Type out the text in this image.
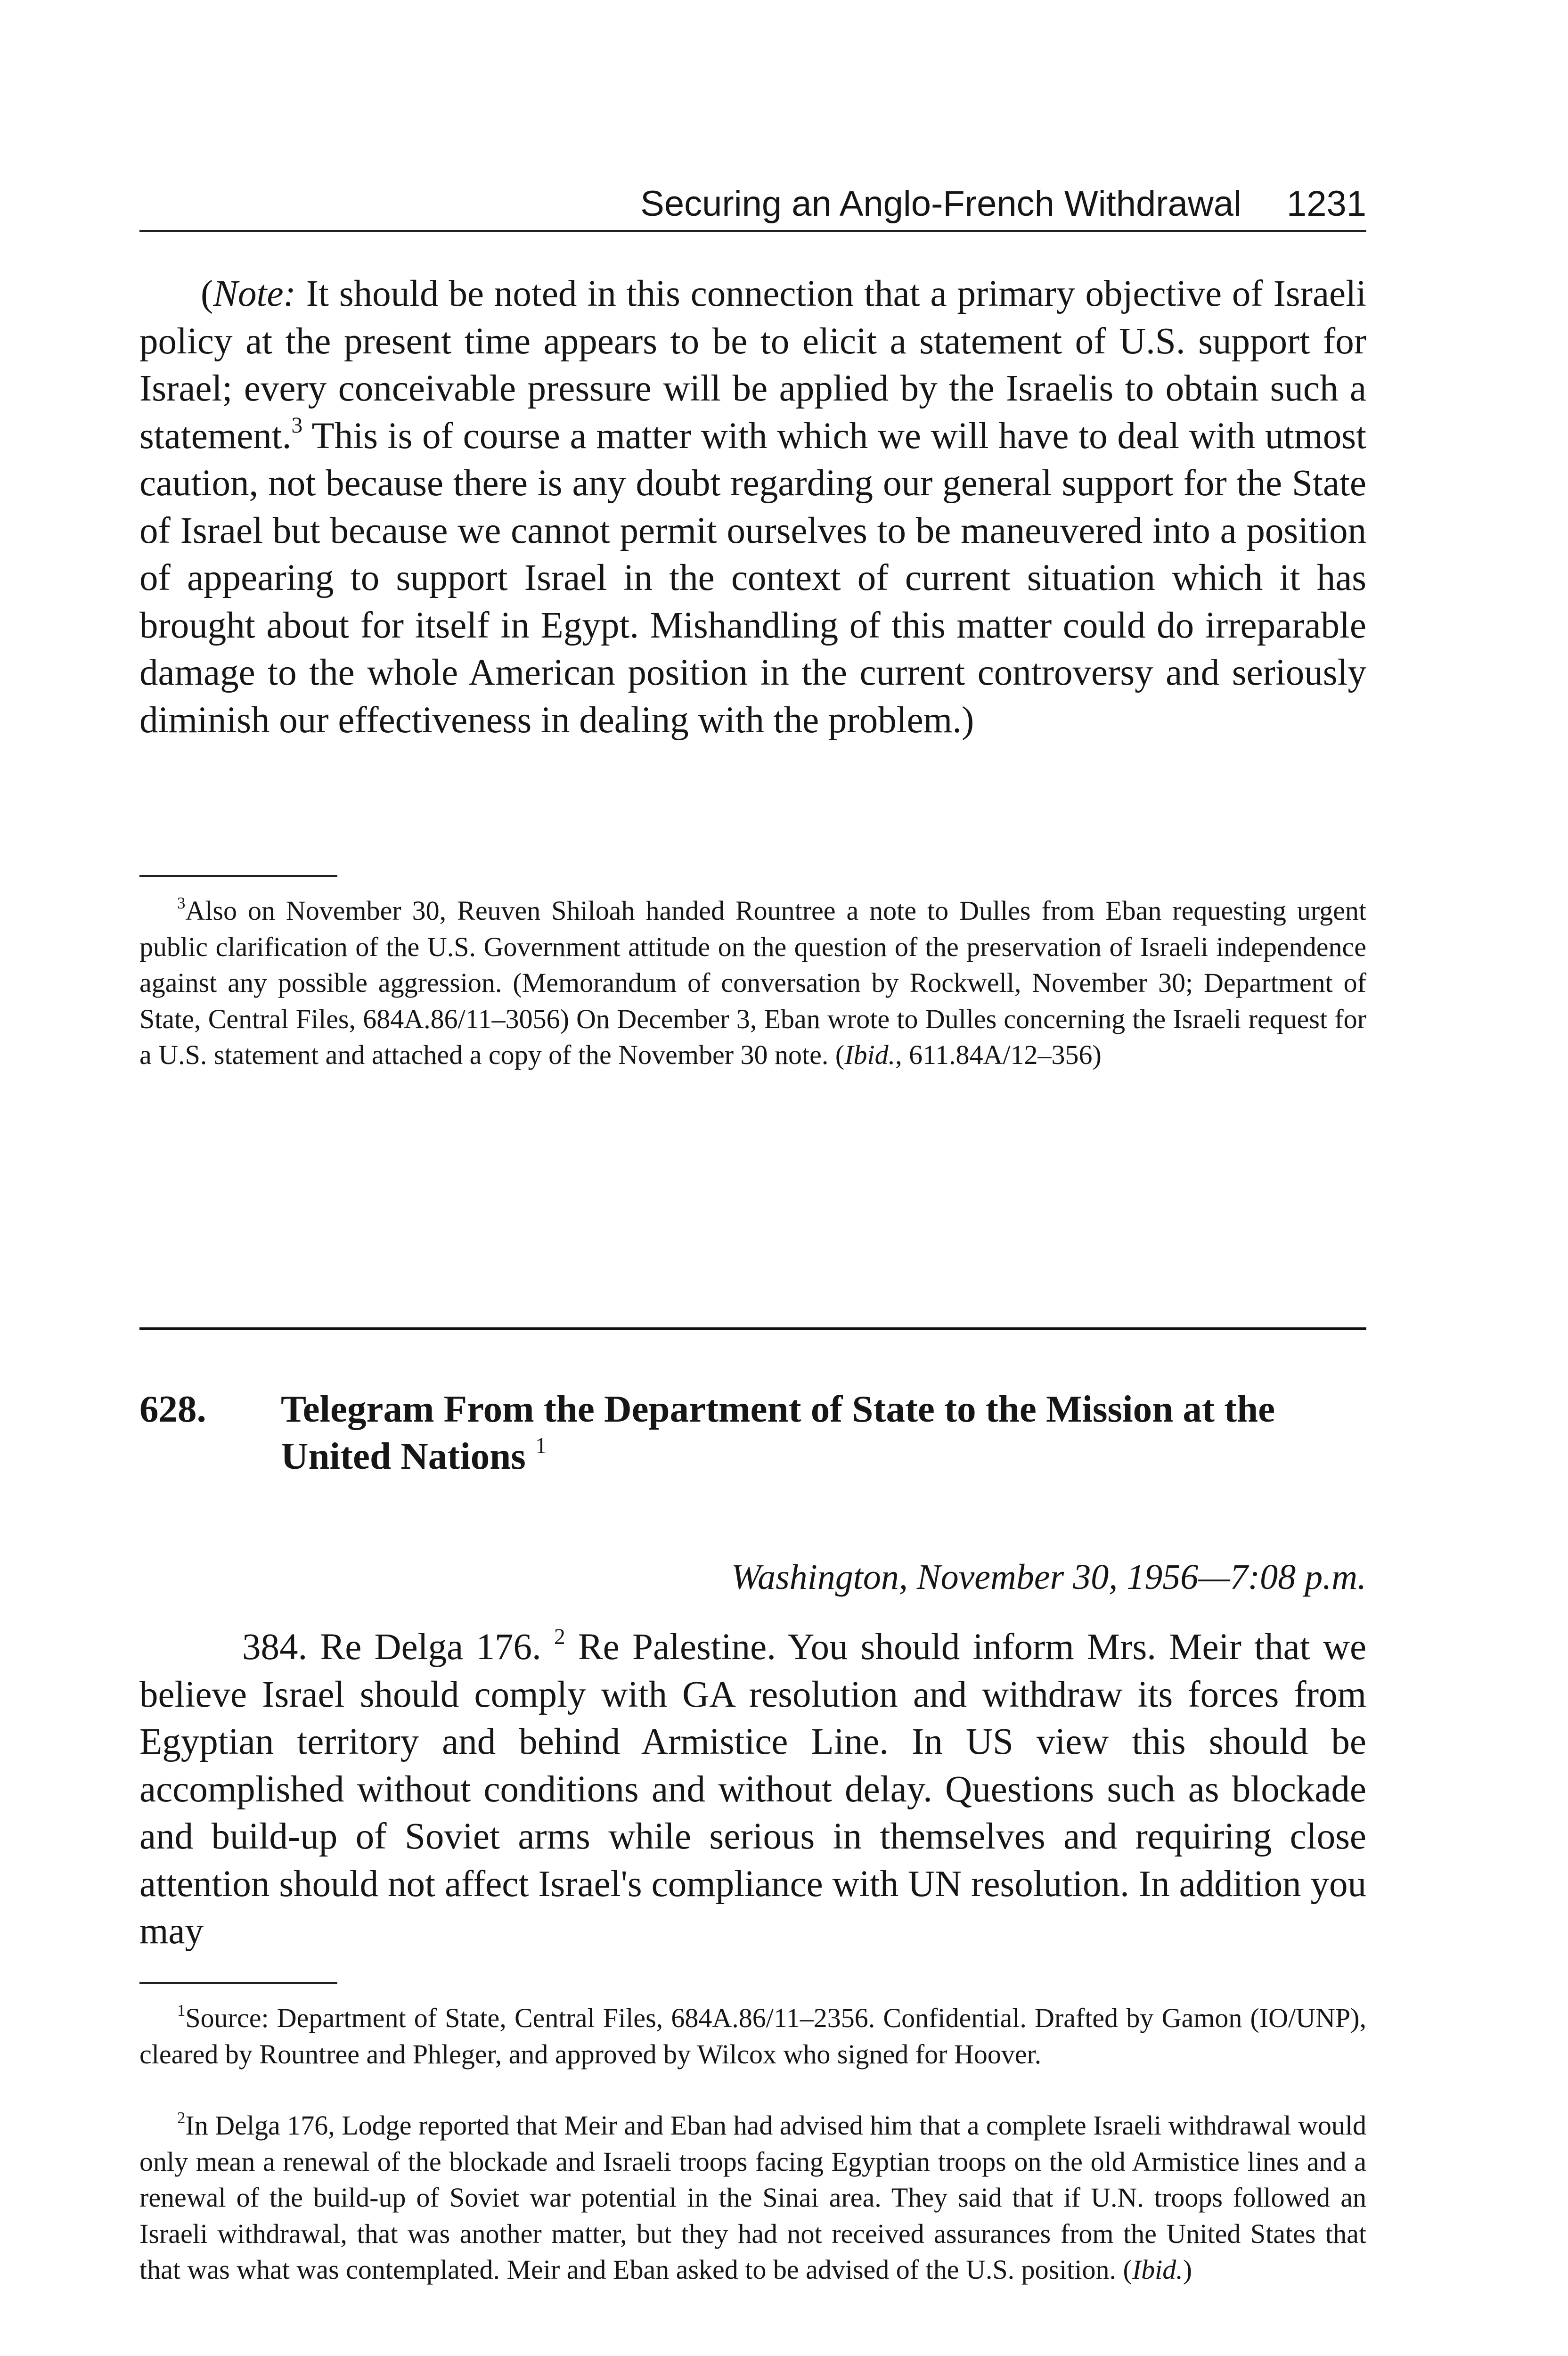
Securing an Anglo-French Withdrawal 1231

(Note: It should be noted in this connection that a primary objective of Israeli policy at the present time appears to be to elicit a statement of U.S. support for Israel; every conceivable pressure will be applied by the Israelis to obtain such a statement.$^3$ This is of course a matter with which we will have to deal with utmost caution, not because there is any doubt regarding our general support for the State of Israel but because we cannot permit ourselves to be maneuvered into a position of appearing to support Israel in the context of current situation which it has brought about for itself in Egypt. Mishandling of this matter could do irreparable damage to the whole American position in the current controversy and seriously diminish our effectiveness in dealing with the problem.)

$^3$Also on November 30, Reuven Shiloah handed Rountree a note to Dulles from Eban requesting urgent public clarification of the U.S. Government attitude on the question of the preservation of Israeli independence against any possible aggression. (Memorandum of conversation by Rockwell, November 30; Department of State, Central Files, 684A.86/11–3056) On December 3, Eban wrote to Dulles concerning the Israeli request for a U.S. statement and attached a copy of the November 30 note. (Ibid., 611.84A/12–356)

628.	Telegram From the Department of State to the Mission at the United Nations $^1$
Washington, November 30, 1956—7:08 p.m.

384. Re Delga 176. $^2$ Re Palestine. You should inform Mrs. Meir that we believe Israel should comply with GA resolution and withdraw its forces from Egyptian territory and behind Armistice Line. In US view this should be accomplished without conditions and without delay. Questions such as blockade and build-up of Soviet arms while serious in themselves and requiring close attention should not affect Israel's compliance with UN resolution. In addition you may

$^1$Source: Department of State, Central Files, 684A.86/11–2356. Confidential. Drafted by Gamon (IO/UNP), cleared by Rountree and Phleger, and approved by Wilcox who signed for Hoover.

$^2$In Delga 176, Lodge reported that Meir and Eban had advised him that a complete Israeli withdrawal would only mean a renewal of the blockade and Israeli troops facing Egyptian troops on the old Armistice lines and a renewal of the build-up of Soviet war potential in the Sinai area. They said that if U.N. troops followed an Israeli withdrawal, that was another matter, but they had not received assurances from the United States that that was what was contemplated. Meir and Eban asked to be advised of the U.S. position. (Ibid.)
